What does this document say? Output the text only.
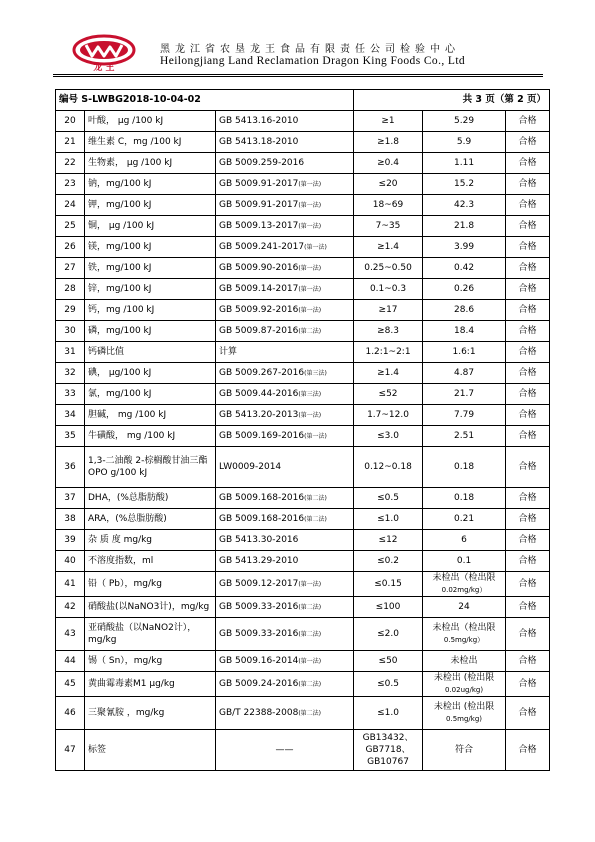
龙 王
黑龙江省农垦龙王食品有限责任公司检验中心
Heilongjiang Land Reclamation Dragon King Foods Co., Ltd
编号 S-LWBG2018-10-04-02			共 3 页（第 2 页）		
20	叶酸， μg /100 kJ	GB 5413.16-2010	≥1	5.29	合格
21	维生素 C，mg /100 kJ	GB 5413.18-2010	≥1.8	5.9	合格
22	生物素， μg /100 kJ	GB 5009.259-2016	≥0.4	1.11	合格
23	钠，mg/100 kJ	GB 5009.91-2017(第一法)	≤20	15.2	合格
24	钾，mg/100 kJ	GB 5009.91-2017(第一法)	18~69	42.3	合格
25	铜， μg /100 kJ	GB 5009.13-2017(第一法)	7~35	21.8	合格
26	镁，mg/100 kJ	GB 5009.241-2017(第一法)	≥1.4	3.99	合格
27	铁，mg/100 kJ	GB 5009.90-2016(第一法)	0.25~0.50	0.42	合格
28	锌，mg/100 kJ	GB 5009.14-2017(第一法)	0.1~0.3	0.26	合格
29	钙，mg /100 kJ	GB 5009.92-2016(第一法)	≥17	28.6	合格
30	磷，mg/100 kJ	GB 5009.87-2016(第二法)	≥8.3	18.4	合格
31	钙磷比值	计算	1.2:1~2:1	1.6:1	合格
32	碘， μg/100 kJ	GB 5009.267-2016(第三法)	≥1.4	4.87	合格
33	氯，mg/100 kJ	GB 5009.44-2016(第三法)	≤52	21.7	合格
34	胆碱， mg /100 kJ	GB 5413.20-2013(第一法)	1.7~12.0	7.79	合格
35	牛磺酸， mg /100 kJ	GB 5009.169-2016(第一法)	≤3.0	2.51	合格
36	1,3-二油酸 2-棕榈酸甘油三酯 OPO g/100 kJ	LW0009-2014	0.12~0.18	0.18	合格
37	DHA，(%总脂肪酸)	GB 5009.168-2016(第二法)	≤0.5	0.18	合格
38	ARA，(%总脂肪酸)	GB 5009.168-2016(第二法)	≤1.0	0.21	合格
39	杂 质 度 mg/kg	GB 5413.30-2016	≤12	6	合格
40	不溶度指数，ml	GB 5413.29-2010	≤0.2	0.1	合格
41	铅（ Pb），mg/kg	GB 5009.12-2017(第一法)	≤0.15	未检出（检出限
0.02mg/kg）	合格
42	硝酸盐(以NaNO3计)，mg/kg	GB 5009.33-2016(第二法)	≤100	24	合格
43	亚硝酸盐（以NaNO2计），mg/kg	GB 5009.33-2016(第二法)	≤2.0	未检出（检出限
0.5mg/kg）	合格
44	锡（ Sn），mg/kg	GB 5009.16-2014(第一法)	≤50	未检出	合格
45	黄曲霉毒素M1 μg/kg	GB 5009.24-2016(第二法)	≤0.5	未检出 (检出限
0.02ug/kg)	合格
46	三聚氰胺 ，mg/kg	GB/T 22388-2008(第二法)	≤1.0	未检出 (检出限
0.5mg/kg)	合格
47	标签	——	GB13432、
GB7718、
GB10767	符合	合格
